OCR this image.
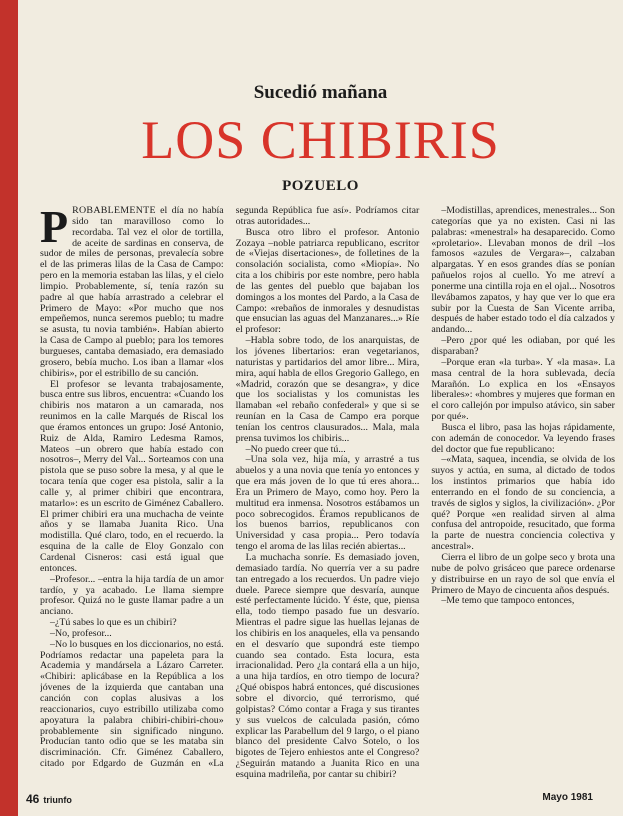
Sucedió mañana
LOS CHIBIRIS
POZUELO

PROBABLEMENTE el día no había sido tan maravilloso como lo recordaba. Tal vez el olor de tortilla, de aceite de sardinas en conserva, de sudor de miles de personas, prevalecía sobre el de las primeras lilas de la Casa de Campo: pero en la memoria estaban las lilas, y el cielo limpio. Probablemente, sí, tenía razón su padre al que había arrastrado a celebrar el Primero de Mayo: «Por mucho que nos empeñemos, nunca seremos pueblo; tu madre se asusta, tu novia también». Habían abierto la Casa de Campo al pueblo; para los temores burgueses, cantaba demasiado, era demasiado grosero, bebía mucho. Los iban a llamar «los chibiris», por el estribillo de su canción.

El profesor se levanta trabajosamente, busca entre sus libros, encuentra: «Cuando los chibiris nos mataron a un camarada, nos reunimos en la calle Marqués de Riscal los que éramos entonces un grupo: José Antonio, Ruiz de Alda, Ramiro Ledesma Ramos, Mateos –un obrero que había estado con nosotros–, Merry del Val... Sorteamos con una pistola que se puso sobre la mesa, y al que le tocara tenía que coger esa pistola, salir a la calle y, al primer chibiri que encontrara, matarlo»: es un escrito de Giménez Caballero. El primer chibiri era una muchacha de veinte años y se llamaba Juanita Rico. Una modistilla. Qué claro, todo, en el recuerdo. la esquina de la calle de Eloy Gonzalo con Cardenal Cisneros: casi está igual que entonces.

–Profesor... –entra la hija tardía de un amor tardío, y ya acabado. Le llama siempre profesor. Quizá no le guste llamar padre a un anciano.

–¿Tú sabes lo que es un chibiri?

–No, profesor...

–No lo busques en los diccionarios, no está. Podríamos redactar una papeleta para la Academia y mandársela a Lázaro Carreter. «Chibiri: aplicábase en la República a los jóvenes de la izquierda que cantaban una canción con coplas alusivas a los reaccionarios, cuyo estribillo utilizaba como apoyatura la palabra chibiri-chibiri-chou» probablemente sin significado ninguno. Producían tanto odio que se les mataba sin discriminación. Cfr. Giménez Caballero, citado por Edgardo de Guzmán en «La segunda República fue así». Podríamos citar otras autoridades...

Busca otro libro el profesor. Antonio Zozaya –noble patriarca republicano, escritor de «Viejas disertaciones», de folletines de la consolación socialista, como «Miopía». No cita a los chibiris por este nombre, pero habla de las gentes del pueblo que bajaban los domingos a los montes del Pardo, a la Casa de Campo: «rebaños de inmorales y desnudistas que ensucian las aguas del Manzanares...» Ríe el profesor:

–Habla sobre todo, de los anarquistas, de los jóvenes libertarios: eran vegetarianos, naturistas y partidarios del amor libre... Mira, mira, aquí habla de ellos Gregorio Gallego, en «Madrid, corazón que se desangra», y dice que los socialistas y los comunistas les llamaban «el rebaño confederal» y que si se reunían en la Casa de Campo era porque tenían los centros clausurados... Mala, mala prensa tuvimos los chibiris...

–No puedo creer que tú...

–Una sola vez, hija mía, y arrastré a tus abuelos y a una novia que tenía yo entonces y que era más joven de lo que tú eres ahora... Era un Primero de Mayo, como hoy. Pero la multitud era inmensa. Nosotros estábamos un poco sobrecogidos. Éramos republicanos de los buenos barrios, republicanos con Universidad y casa propia... Pero todavía tengo el aroma de las lilas recién abiertas...

La muchacha sonríe. Es demasiado joven, demasiado tardía. No querría ver a su padre tan entregado a los recuerdos. Un padre viejo duele. Parece siempre que desvaría, aunque esté perfectamente lúcido. Y éste, que, piensa ella, todo tiempo pasado fue un desvarío. Mientras el padre sigue las huellas lejanas de los chibiris en los anaqueles, ella va pensando en el desvarío que supondrá este tiempo cuando sea contado. Esta locura, esta irracionalidad. Pero ¿la contará ella a un hijo, a una hija tardíos, en otro tiempo de locura? ¿Qué obispos habrá entonces, qué discusiones sobre el divorcio, qué terrorismo, qué golpistas? Cómo contar a Fraga y sus tirantes y sus vuelcos de calculada pasión, cómo explicar las Parabellum del 9 largo, o el piano blanco del presidente Calvo Sotelo, o los bigotes de Tejero enhiestos ante el Congreso? ¿Seguirán matando a Juanita Rico en una esquina madrileña, por cantar su chibiri?

–Modistillas, aprendices, menestrales... Son categorías que ya no existen. Casi ni las palabras: «menestral» ha desaparecido. Como «proletario». Llevaban monos de dril –los famosos «azules de Vergara»–, calzaban alpargatas. Y en esos grandes días se ponían pañuelos rojos al cuello. Yo me atreví a ponerme una cintilla roja en el ojal... Nosotros llevábamos zapatos, y hay que ver lo que era subir por la Cuesta de San Vicente arriba, después de haber estado todo el día calzados y andando...

–Pero ¿por qué les odiaban, por qué les disparaban?

–Porque eran «la turba». Y «la masa». La masa central de la hora sublevada, decía Marañón. Lo explica en los «Ensayos liberales»: «hombres y mujeres que forman en el coro callejón por impulso atávico, sin saber por qué».

Busca el libro, pasa las hojas rápidamente, con ademán de conocedor. Va leyendo frases del doctor que fue republicano:

–«Mata, saquea, incendia, se olvida de los suyos y actúa, en suma, al dictado de todos los instintos primarios que había ido enterrando en el fondo de su conciencia, a través de siglos y siglos, la civilización». ¿Por qué? Porque «en realidad sirven al alma confusa del antropoide, resucitado, que forma la parte de nuestra conciencia colectiva y ancestral».

Cierra el libro de un golpe seco y brota una nube de polvo grisáceo que parece ordenarse y distribuirse en un rayo de sol que envía el Primero de Mayo de cincuenta años después.

–Me temo que tampoco entonces,

46 triunfo	Mayo 1981
